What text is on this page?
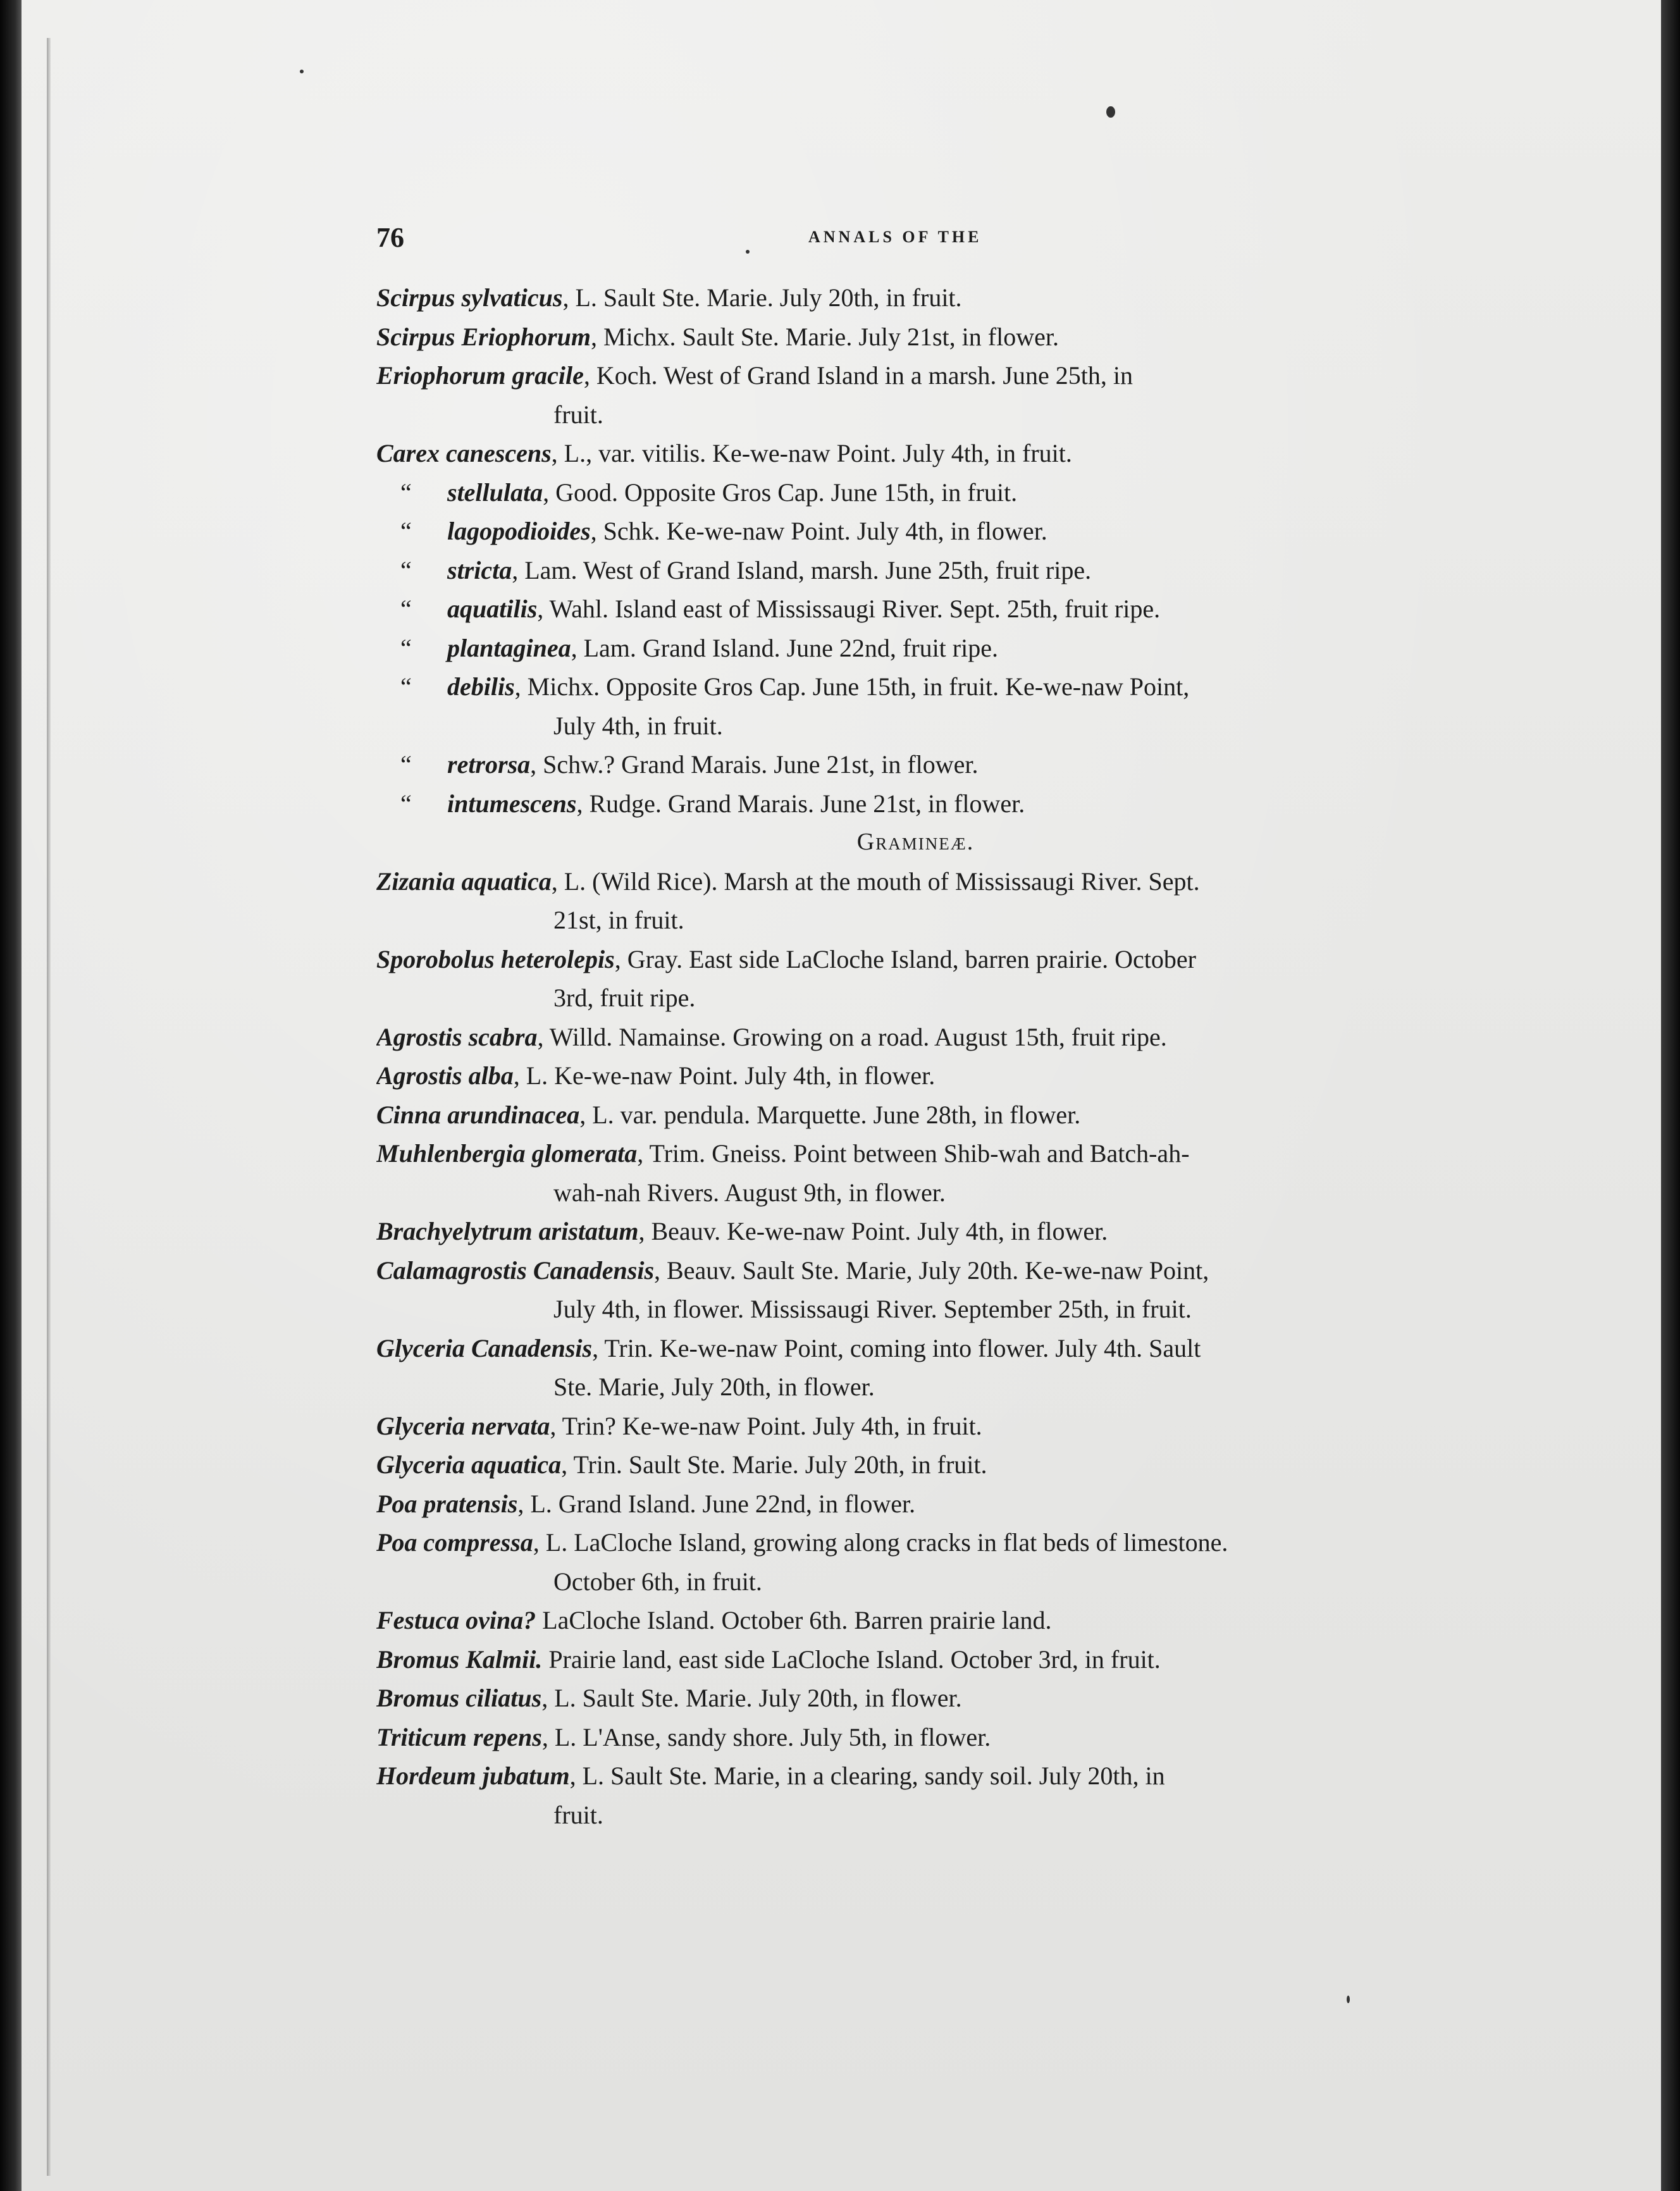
76	ANNALS OF THE
Scirpus sylvaticus, L. Sault Ste. Marie. July 20th, in fruit.
Scirpus Eriophorum, Michx. Sault Ste. Marie. July 21st, in flower.
Eriophorum gracile, Koch. West of Grand Island in a marsh. June 25th, in
fruit.
Carex canescens, L., var. vitilis. Ke-we-naw Point. July 4th, in fruit.
“ stellulata, Good. Opposite Gros Cap. June 15th, in fruit.
“ lagopodioides, Schk. Ke-we-naw Point. July 4th, in flower.
“ stricta, Lam. West of Grand Island, marsh. June 25th, fruit ripe.
“ aquatilis, Wahl. Island east of Mississaugi River. Sept. 25th, fruit ripe.
“ plantaginea, Lam. Grand Island. June 22nd, fruit ripe.
“ debilis, Michx. Opposite Gros Cap. June 15th, in fruit. Ke-we-naw Point,
July 4th, in fruit.
“ retrorsa, Schw.? Grand Marais. June 21st, in flower.
“ intumescens, Rudge. Grand Marais. June 21st, in flower.
Gramineæ.
Zizania aquatica, L. (Wild Rice). Marsh at the mouth of Mississaugi River. Sept.
21st, in fruit.
Sporobolus heterolepis, Gray. East side LaCloche Island, barren prairie. October
3rd, fruit ripe.
Agrostis scabra, Willd. Namainse. Growing on a road. August 15th, fruit ripe.
Agrostis alba, L. Ke-we-naw Point. July 4th, in flower.
Cinna arundinacea, L. var. pendula. Marquette. June 28th, in flower.
Muhlenbergia glomerata, Trim. Gneiss. Point between Shib-wah and Batch-ah-
wah-nah Rivers. August 9th, in flower.
Brachyelytrum aristatum, Beauv. Ke-we-naw Point. July 4th, in flower.
Calamagrostis Canadensis, Beauv. Sault Ste. Marie, July 20th. Ke-we-naw Point,
July 4th, in flower. Mississaugi River. September 25th, in fruit.
Glyceria Canadensis, Trin. Ke-we-naw Point, coming into flower. July 4th. Sault
Ste. Marie, July 20th, in flower.
Glyceria nervata, Trin? Ke-we-naw Point. July 4th, in fruit.
Glyceria aquatica, Trin. Sault Ste. Marie. July 20th, in fruit.
Poa pratensis, L. Grand Island. June 22nd, in flower.
Poa compressa, L. LaCloche Island, growing along cracks in flat beds of limestone.
October 6th, in fruit.
Festuca ovina? LaCloche Island. October 6th. Barren prairie land.
Bromus Kalmii. Prairie land, east side LaCloche Island. October 3rd, in fruit.
Bromus ciliatus, L. Sault Ste. Marie. July 20th, in flower.
Triticum repens, L. L'Anse, sandy shore. July 5th, in flower.
Hordeum jubatum, L. Sault Ste. Marie, in a clearing, sandy soil. July 20th, in
fruit.
